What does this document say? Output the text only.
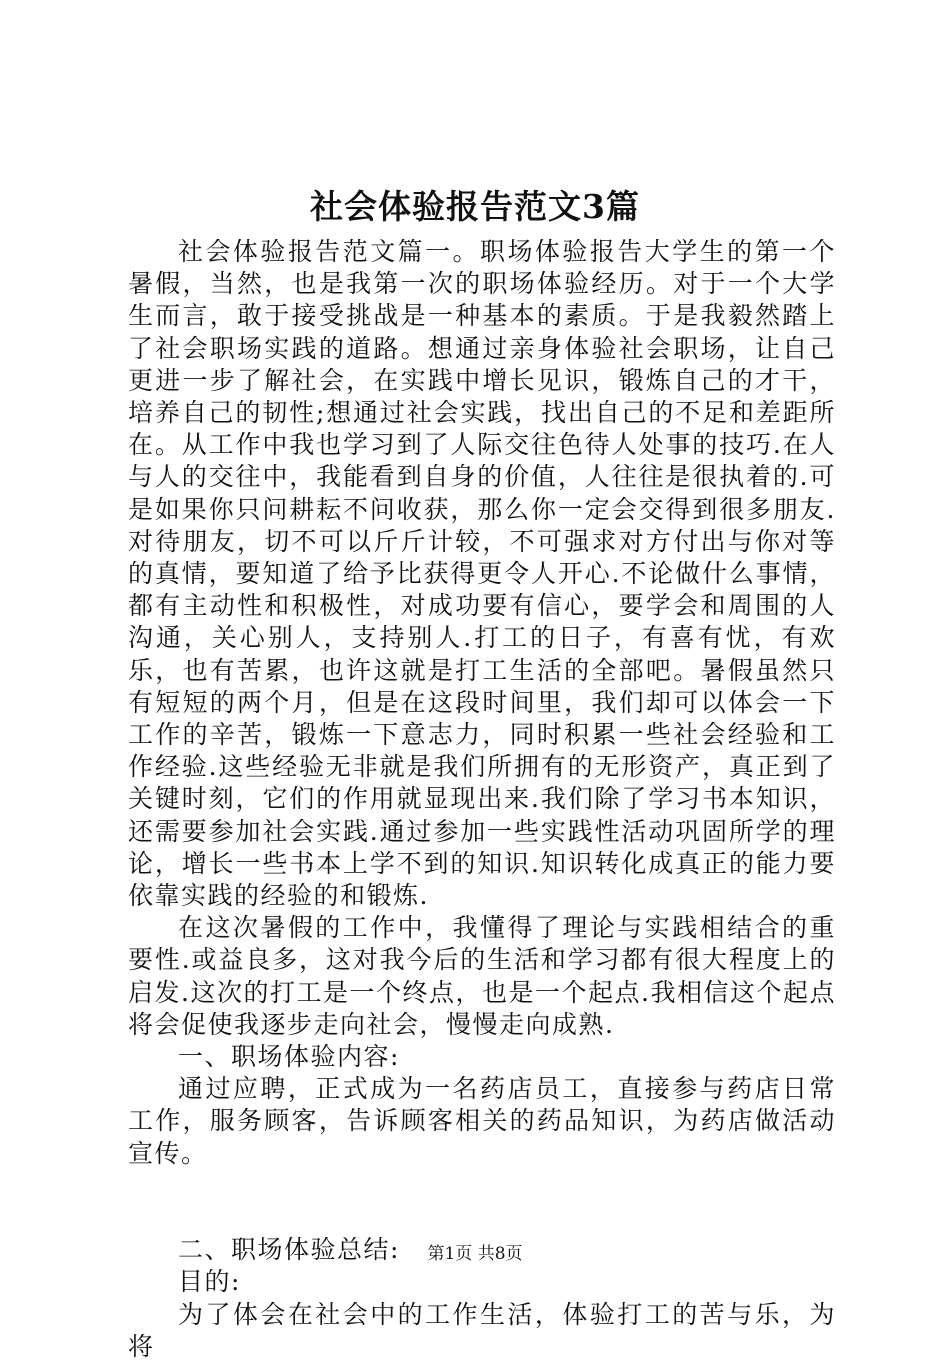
社会体验报告范文3篇

社会体验报告范文篇一。职场体验报告大学生的第一个暑假，当然，也是我第一次的职场体验经历。对于一个大学生而言，敢于接受挑战是一种基本的素质。于是我毅然踏上了社会职场实践的道路。想通过亲身体验社会职场，让自己更进一步了解社会，在实践中增长见识，锻炼自己的才干，培养自己的韧性;想通过社会实践，找出自己的不足和差距所在。从工作中我也学习到了人际交往色待人处事的技巧.在人与人的交往中，我能看到自身的价值，人往往是很执着的.可是如果你只问耕耘不问收获，那么你一定会交得到很多朋友.对待朋友，切不可以斤斤计较，不可强求对方付出与你对等的真情，要知道了给予比获得更令人开心.不论做什么事情，都有主动性和积极性，对成功要有信心，要学会和周围的人沟通，关心别人，支持别人.打工的日子，有喜有忧，有欢乐，也有苦累，也许这就是打工生活的全部吧。暑假虽然只有短短的两个月，但是在这段时间里，我们却可以体会一下工作的辛苦，锻炼一下意志力，同时积累一些社会经验和工作经验.这些经验无非就是我们所拥有的无形资产，真正到了关键时刻，它们的作用就显现出来.我们除了学习书本知识，还需要参加社会实践.通过参加一些实践性活动巩固所学的理论，增长一些书本上学不到的知识.知识转化成真正的能力要依靠实践的经验的和锻炼.

在这次暑假的工作中，我懂得了理论与实践相结合的重要性.或益良多，这对我今后的生活和学习都有很大程度上的启发.这次的打工是一个终点，也是一个起点.我相信这个起点将会促使我逐步走向社会，慢慢走向成熟.

一、职场体验内容:

通过应聘，正式成为一名药店员工，直接参与药店日常工作，服务顾客，告诉顾客相关的药品知识，为药店做活动宣传。

二、职场体验总结:

目的:

为了体会在社会中的工作生活，体验打工的苦与乐，为将

第1页 共8页
